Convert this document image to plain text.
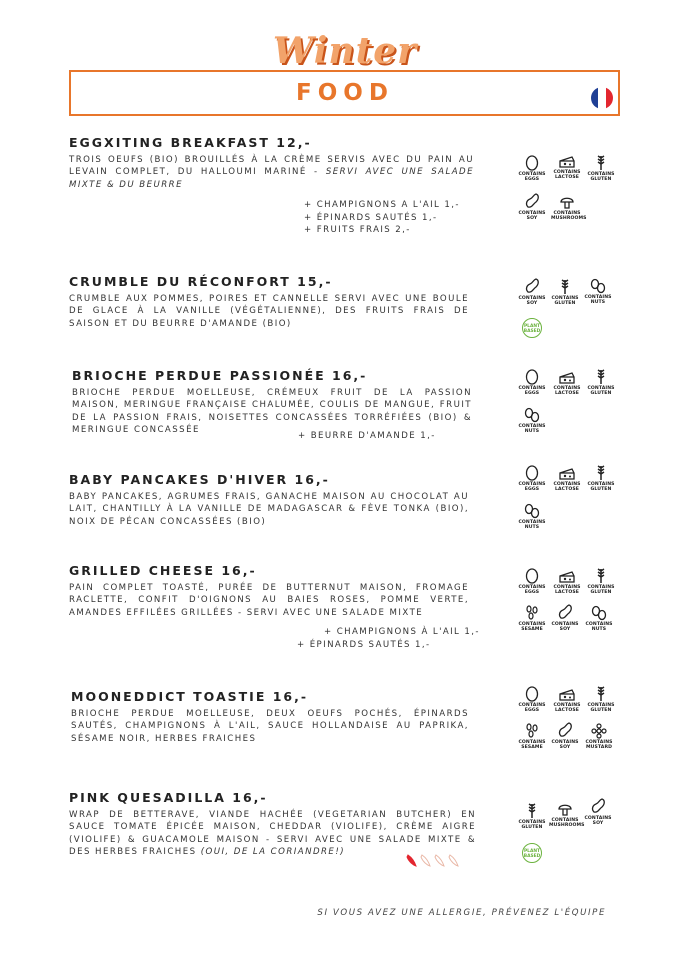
Winter
FOOD
EGGXITING BREAKFAST 12,-
TROIS OEUFS (BIO) BROUILLÉS À LA CRÈME SERVIS AVEC DU PAIN AU LEVAIN COMPLET, DU HALLOUMI MARINÉ - SERVI AVEC UNE SALADE MIXTE & DU BEURRE
+ CHAMPIGNONS A L'AIL 1,-
+ ÉPINARDS SAUTÉS 1,-
+ FRUITS FRAIS 2,-
CONTAINS EGGS
CONTAINS LACTOSE
CONTAINS GLUTEN
CONTAINS SOY
CONTAINS MUSHROOMS
CRUMBLE DU RÉCONFORT 15,-
CRUMBLE AUX POMMES, POIRES ET CANNELLE SERVI AVEC UNE BOULE DE GLACE À LA VANILLE (VÉGÉTALIENNE), DES FRUITS FRAIS DE SAISON ET DU BEURRE D'AMANDE (BIO)
CONTAINS SOY
CONTAINS GLUTEN
CONTAINS NUTS
PLANT BASED
BRIOCHE PERDUE PASSIONÉE 16,-
BRIOCHE PERDUE MOELLEUSE, CRÉMEUX FRUIT DE LA PASSION MAISON, MERINGUE FRANÇAISE CHALUMÉE, COULIS DE MANGUE, FRUIT DE LA PASSION FRAIS, NOISETTES CONCASSÉES TORRÉFIÉES (BIO) & MERINGUE CONCASSÉE
+ BEURRE D'AMANDE 1,-
CONTAINS EGGS
CONTAINS LACTOSE
CONTAINS GLUTEN
CONTAINS NUTS
BABY PANCAKES D'HIVER 16,-
BABY PANCAKES, AGRUMES FRAIS, GANACHE MAISON AU CHOCOLAT AU LAIT, CHANTILLY À LA VANILLE DE MADAGASCAR & FÈVE TONKA (BIO), NOIX DE PÉCAN CONCASSÉES (BIO)
CONTAINS EGGS
CONTAINS LACTOSE
CONTAINS GLUTEN
CONTAINS NUTS
GRILLED CHEESE 16,-
PAIN COMPLET TOASTÉ, PURÉE DE BUTTERNUT MAISON, FROMAGE RACLETTE, CONFIT D'OIGNONS AU BAIES ROSES, POMME VERTE, AMANDES EFFILÉES GRILLÉES - SERVI AVEC UNE SALADE MIXTE
+ CHAMPIGNONS À L'AIL 1,-
+ ÉPINARDS SAUTÉS 1,-
CONTAINS EGGS
CONTAINS LACTOSE
CONTAINS GLUTEN
CONTAINS SESAME
CONTAINS SOY
CONTAINS NUTS
MOONEDDICT TOASTIE 16,-
BRIOCHE PERDUE MOELLEUSE, DEUX OEUFS POCHÉS, ÉPINARDS SAUTÉS, CHAMPIGNONS À L'AIL, SAUCE HOLLANDAISE AU PAPRIKA, SÉSAME NOIR, HERBES FRAICHES
CONTAINS EGGS
CONTAINS LACTOSE
CONTAINS GLUTEN
CONTAINS SESAME
CONTAINS SOY
CONTAINS MUSTARD
PINK QUESADILLA 16,-
WRAP DE BETTERAVE, VIANDE HACHÉE (VEGETARIAN BUTCHER) EN SAUCE TOMATE ÉPICÉE MAISON, CHEDDAR (VIOLIFE), CRÈME AIGRE (VIOLIFE) & GUACAMOLE MAISON - SERVI AVEC UNE SALADE MIXTE & DES HERBES FRAICHES (OUI, DE LA CORIANDRE!)
CONTAINS GLUTEN
CONTAINS MUSHROOMS
CONTAINS SOY
PLANT BASED
SI VOUS AVEZ UNE ALLERGIE, PRÉVENEZ L'ÉQUIPE
